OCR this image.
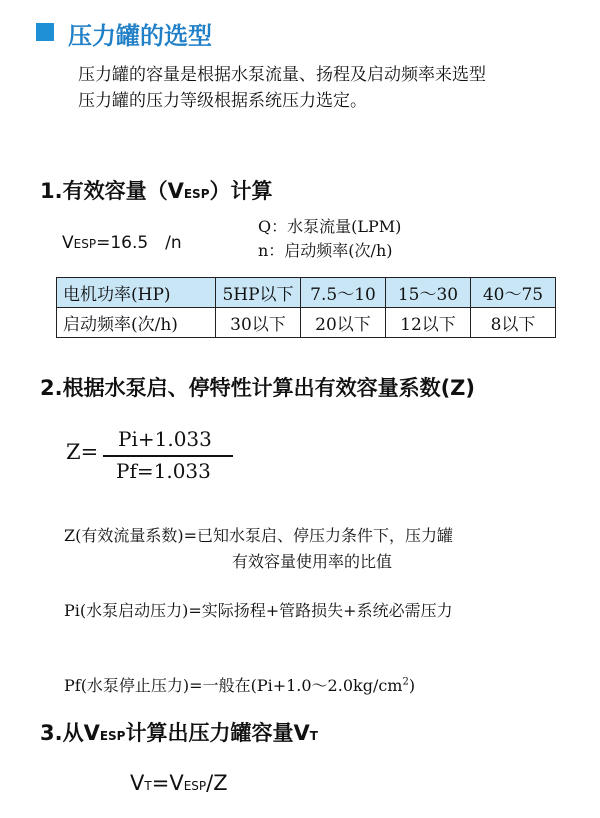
压力罐的选型
压力罐的容量是根据水泵流量、扬程及启动频率来选型
压力罐的压力等级根据系统压力选定。
1.有效容量（VESP）计算
VESP=16.5　/n
Q：水泵流量(LPM)
n：启动频率(次/h)
电机功率(HP)	5HP以下	7.5～10	15～30	40～75
启动频率(次/h)	30以下	20以下	12以下	8以下
2.根据水泵启、停特性计算出有效容量系数(Z)
Z=
Pi+1.033
Pf=1.033
Z(有效流量系数)=已知水泵启、停压力条件下，压力罐
有效容量使用率的比值
Pi(水泵启动压力)=实际扬程+管路损失+系统必需压力
Pf(水泵停止压力)=一般在$(Pi+1.0\sim 2.0kg/cm^2)$
3.从VESP计算出压力罐容量VT
VT=VESP/Z
